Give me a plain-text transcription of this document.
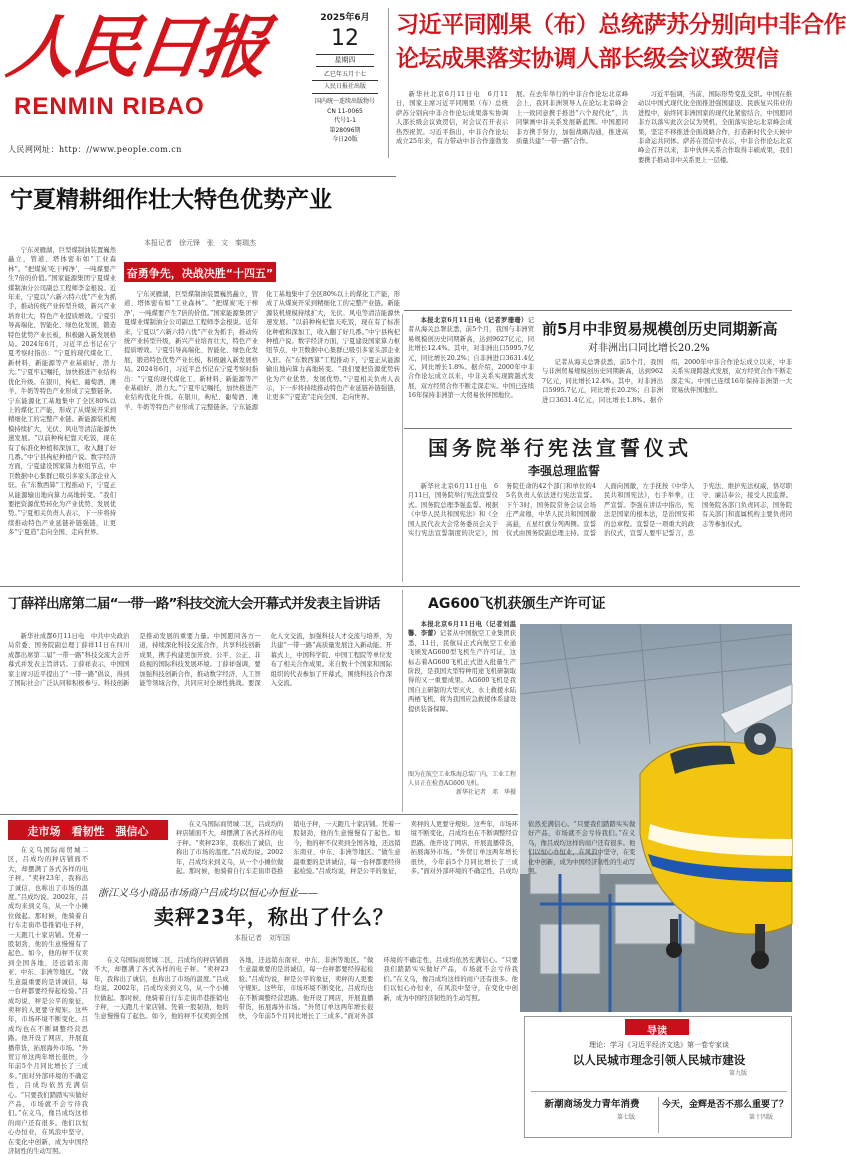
人民日报
RENMIN RIBAO
人民网网址：http：//www.people.com.cn
2025年6月
12
星期四
乙巳年五月十七
人民日报社出版
国内统一连续出版物号
CN 11-0065
代号1-1
第28096期
今日20版
习近平同刚果（布）总统萨苏分别向中非合作
论坛成果落实协调人部长级会议致贺信

新华社北京6月11日电　6月11日，国家主席习近平同刚果（布）总统萨苏分别向中非合作论坛成果落实协调人部长级会议致贺信，对会议召开表示热烈祝贺。习近平指出，中非合作论坛成立25年来，有力带动中非合作蓬勃发展。在去年举行的中非合作论坛北京峰会上，我同非洲领导人在论坛北京峰会上一致同意携手推进“六个现代化”，共同擘画中非关系发展新蓝图。中国愿同非方携手努力，加强战略沟通，推进高质量共建“一带一路”合作。

习近平强调，当前，国际形势变乱交织。中国在推动以中国式现代化全面推进强国建设、民族复兴伟业的进程中，始终同非洲国家的现代化紧密结合，中国愿同非方以落实此次会议为契机，全面落实论坛北京峰会成果，坚定不移推进全面战略合作，打造新时代全天候中非命运共同体。萨苏在贺信中表示，中非合作论坛北京峰会召开以来，非中伙伴关系合作取得丰硕成果，我们要携手推动非中关系更上一层楼。

宁夏精耕细作壮大特色优势产业
本报记者　徐元锋　张　文　秦瑞杰

宁东灵雁湖，巨型煤制油装置巍然矗立，管道、塔体密布如“工业森林”。“把煤炭‘吃干榨净’，一吨煤要产生7倍的价值。”国家能源集团宁夏煤业煤制油分公司副总工程师李金根说。近年来，宁夏以“六新六特六优”产业为抓手，推动传统产业转型升级，新兴产业培育壮大，特色产业提质增效。宁夏引导高端化、智能化、绿色化发展，锻造特色优势产业长板，积极融入新发展格局。2024年6月，习近平总书记在宁夏考察时指出：“宁夏的现代煤化工、新材料、新能源等产业基础好、潜力大。”宁夏牢记嘱托，加快推进产业结构优化升级。在银川，枸杞、葡萄酒、滩羊、牛奶等特色产业形成了完整链条。宁东能源化工基地集中了全区80%以上的煤化工产能，形成了从煤炭开采到精细化工的完整产业链。新能源装机规模持续扩大，光伏、风电等清洁能源快速发展。“以前种枸杞靠天吃饭，现在有了标准化种植和深加工，收入翻了好几番。”中宁县枸杞种植户说。数字经济方面，宁夏建设国家算力枢纽节点，中卫数据中心集群已吸引多家头部企业入驻。在“东数西算”工程推动下，宁夏正从能源输出地向算力高地转变。“我们要把资源优势转化为产业优势、发展优势。”宁夏相关负责人表示，下一步将持续推动特色产业延链补链强链，让更多“宁夏造”走向全国、走向世界。

奋勇争先，决战决胜“十四五”

宁东灵雁湖，巨型煤制油装置巍然矗立，管道、塔体密布如“工业森林”。“把煤炭‘吃干榨净’，一吨煤要产生7倍的价值。”国家能源集团宁夏煤业煤制油分公司副总工程师李金根说。近年来，宁夏以“六新六特六优”产业为抓手，推动传统产业转型升级，新兴产业培育壮大，特色产业提质增效。宁夏引导高端化、智能化、绿色化发展，锻造特色优势产业长板，积极融入新发展格局。2024年6月，习近平总书记在宁夏考察时指出：“宁夏的现代煤化工、新材料、新能源等产业基础好、潜力大。”宁夏牢记嘱托，加快推进产业结构优化升级。在银川，枸杞、葡萄酒、滩羊、牛奶等特色产业形成了完整链条。宁东能源化工基地集中了全区80%以上的煤化工产能，形成了从煤炭开采到精细化工的完整产业链。新能源装机规模持续扩大，光伏、风电等清洁能源快速发展。“以前种枸杞靠天吃饭，现在有了标准化种植和深加工，收入翻了好几番。”中宁县枸杞种植户说。数字经济方面，宁夏建设国家算力枢纽节点，中卫数据中心集群已吸引多家头部企业入驻。在“东数西算”工程推动下，宁夏正从能源输出地向算力高地转变。“我们要把资源优势转化为产业优势、发展优势。”宁夏相关负责人表示，下一步将持续推动特色产业延链补链强链，让更多“宁夏造”走向全国、走向世界。

本报北京6月11日电（记者罗珊珊）记者从海关总署获悉，前5个月，我国与非洲贸易规模创历史同期新高，达到9627亿元，同比增长12.4%。其中，对非洲出口5995.7亿元，同比增长20.2%；自非洲进口3631.4亿元，同比增长1.8%。据介绍，2000年中非合作论坛成立以来，中非关系实现跨越式发展，双方经贸合作不断走深走实。中国已连续16年保持非洲第一大贸易伙伴国地位。

前5月中非贸易规模创历史同期新高
对非洲出口同比增长20.2%

记者从海关总署获悉，前5个月，我国与非洲贸易规模创历史同期新高，达到9627亿元，同比增长12.4%。其中，对非洲出口5995.7亿元，同比增长20.2%；自非洲进口3631.4亿元，同比增长1.8%。据介绍，2000年中非合作论坛成立以来，中非关系实现跨越式发展，双方经贸合作不断走深走实。中国已连续16年保持非洲第一大贸易伙伴国地位。

国务院举行宪法宣誓仪式
李强总理监誓

新华社北京6月11日电　6月11日，国务院举行宪法宣誓仪式。国务院总理李强监誓。根据《中华人民共和国宪法》和《全国人民代表大会常务委员会关于实行宪法宣誓制度的决定》，国务院任命的42个部门和单位的45名负责人依法进行宪法宣誓。下午3时，国务院常务会议会场庄严肃穆，中华人民共和国国徽高悬，五星红旗分列两侧。宣誓仪式由国务院副总理主持。宣誓人面向国徽，左手抚按《中华人民共和国宪法》，右手举拳，庄严宣誓。李强在讲话中指出，宪法是国家的根本法，是治国安邦的总章程。宣誓是一项重大的政治仪式，宣誓人要牢记誓言，忠于宪法、维护宪法权威，恪尽职守、廉洁奉公，接受人民监督。国务院各部门负责同志，国务院有关部门和直属机构主要负责同志等参加仪式。

丁薛祥出席第二届“一带一路”科技交流大会开幕式并发表主旨讲话

新华社成都6月11日电　中共中央政治局常委、国务院副总理丁薛祥11日在四川成都出席第二届“一带一路”科技交流大会开幕式并发表主旨讲话。丁薛祥表示，中国国家主席习近平提出了“一带一路”倡议，得到了国际社会广泛认同和积极参与。科技创新是推动发展的重要力量。中国愿同各方一道，持续深化科技交流合作，共享科技创新成果，携手构建更加开放、公平、公正、非歧视的国际科技发展环境。丁薛祥强调，要加强科技创新合作，推动数字经济、人工智能等领域合作，共同应对全球性挑战。要深化人文交流，加强科技人才交流与培养，为共建“一带一路”高质量发展注入新动能。开幕式上，中国科学院、中国工程院等单位发布了相关合作成果。来自数十个国家和国际组织的代表参加了开幕式，围绕科技合作深入交流。

AG600飞机获颁生产许可证

本报北京6月11日电（记者刘温馨、李蕾）记者从中国航空工业集团获悉，11日，民航局正式向航空工业通飞颁发AG600型飞机生产许可证，这标志着AG600飞机正式进入批量生产阶段，是我国大型特种用途飞机研制取得的又一重要成果。AG600飞机是我国自主研制的大型灭火、水上救援水陆两栖飞机，将为我国应急救援体系建设提供装备保障。

图为在航空工业珠海总装厂内，工业工程人员正在检查AG600飞机。
新华社记者　邓　华摄
走市场　看韧性　强信心

在义乌国际商贸城二区，吕成均的秤店铺面不大，却摆满了各式各样的电子秤。“卖秤23年，我称出了诚信，也称出了市场的温度。”吕成均说。2002年，吕成均来到义乌，从一个小摊位做起。那时候，他骑着自行车走街串巷推销电子秤，一天跑几十家店铺。凭着一股韧劲，他的生意慢慢有了起色。如今，他的秤不仅卖到全国各地，还远销东南亚、中东、非洲等地区。“做生意最重要的是讲诚信，每一台秤都要经得起检验。”吕成均说，秤是公平的象征，卖秤的人更要守规矩。这些年，市场环境不断变化，吕成均也在不断调整经营思路。他开设了网店，开展直播带货，拓展海外市场。“外贸订单这两年增长很快，今年前5个月同比增长了三成多。”面对外部环境的不确定性，吕成均依然充满信心。“只要我们踏踏实实做好产品，市场就不会亏待我们。”在义乌，像吕成均这样的商户还有很多。他们以恒心办恒业，在风浪中坚守，在变化中创新，成为中国经济韧性的生动写照。

在义乌国际商贸城二区，吕成均的秤店铺面不大，却摆满了各式各样的电子秤。“卖秤23年，我称出了诚信，也称出了市场的温度。”吕成均说。2002年，吕成均来到义乌，从一个小摊位做起。那时候，他骑着自行车走街串巷推销电子秤，一天跑几十家店铺。凭着一股韧劲，他的生意慢慢有了起色。如今，他的秤不仅卖到全国各地，还远销东南亚、中东、非洲等地区。“做生意最重要的是讲诚信，每一台秤都要经得起检验。”吕成均说，秤是公平的象征，卖秤的人更要守规矩。这些年，市场环境不断变化，吕成均也在不断调整经营思路。他开设了网店，开展直播带货，拓展海外市场。“外贸订单这两年增长很快，今年前5个月同比增长了三成多。”面对外部环境的不确定性，吕成均依然充满信心。“只要我们踏踏实实做好产品，市场就不会亏待我们。”在义乌，像吕成均这样的商户还有很多。他们以恒心办恒业，在风浪中坚守，在变化中创新，成为中国经济韧性的生动写照。

浙江义乌小商品市场商户吕成均以恒心办恒业——
卖秤23年，称出了什么？
本报记者　刘军国

在义乌国际商贸城二区，吕成均的秤店铺面不大，却摆满了各式各样的电子秤。“卖秤23年，我称出了诚信，也称出了市场的温度。”吕成均说。2002年，吕成均来到义乌，从一个小摊位做起。那时候，他骑着自行车走街串巷推销电子秤，一天跑几十家店铺。凭着一股韧劲，他的生意慢慢有了起色。如今，他的秤不仅卖到全国各地，还远销东南亚、中东、非洲等地区。“做生意最重要的是讲诚信，每一台秤都要经得起检验。”吕成均说，秤是公平的象征，卖秤的人更要守规矩。这些年，市场环境不断变化，吕成均也在不断调整经营思路。他开设了网店，开展直播带货，拓展海外市场。“外贸订单这两年增长很快，今年前5个月同比增长了三成多。”面对外部环境的不确定性，吕成均依然充满信心。“只要我们踏踏实实做好产品，市场就不会亏待我们。”在义乌，像吕成均这样的商户还有很多。他们以恒心办恒业，在风浪中坚守，在变化中创新，成为中国经济韧性的生动写照。

导读
理论：学习《习近平经济文选》第一卷专家谈
以人民城市理念引领人民城市建设
第九版
新潮商场发力青年消费
第七版
今天，金辉是否不那么重要了？
第十四版
